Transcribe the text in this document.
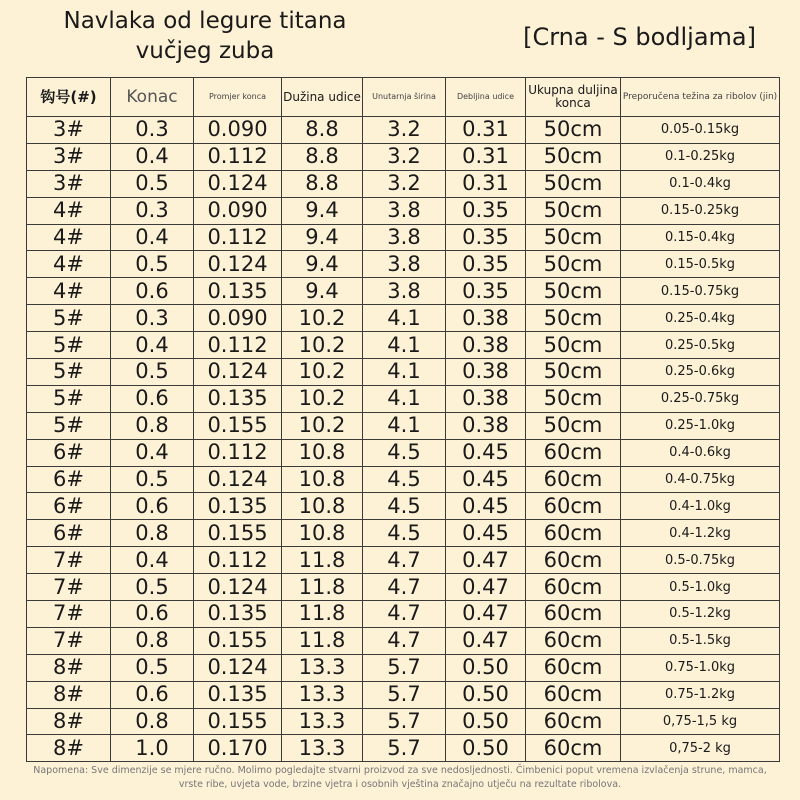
Navlaka od legure titana
vučjeg zuba	[Crna - S bodljama]
钩号(#)	Konac	Promjer konca	Dužina udice	Unutarnja širina	Debljina udice	Ukupna duljina konca	Preporučena težina za ribolov (jin)
3#	0.3	0.090	8.8	3.2	0.31	50cm	0.05-0.15kg
3#	0.4	0.112	8.8	3.2	0.31	50cm	0.1-0.25kg
3#	0.5	0.124	8.8	3.2	0.31	50cm	0.1-0.4kg
4#	0.3	0.090	9.4	3.8	0.35	50cm	0.15-0.25kg
4#	0.4	0.112	9.4	3.8	0.35	50cm	0.15-0.4kg
4#	0.5	0.124	9.4	3.8	0.35	50cm	0.15-0.5kg
4#	0.6	0.135	9.4	3.8	0.35	50cm	0.15-0.75kg
5#	0.3	0.090	10.2	4.1	0.38	50cm	0.25-0.4kg
5#	0.4	0.112	10.2	4.1	0.38	50cm	0.25-0.5kg
5#	0.5	0.124	10.2	4.1	0.38	50cm	0.25-0.6kg
5#	0.6	0.135	10.2	4.1	0.38	50cm	0.25-0.75kg
5#	0.8	0.155	10.2	4.1	0.38	50cm	0.25-1.0kg
6#	0.4	0.112	10.8	4.5	0.45	60cm	0.4-0.6kg
6#	0.5	0.124	10.8	4.5	0.45	60cm	0.4-0.75kg
6#	0.6	0.135	10.8	4.5	0.45	60cm	0.4-1.0kg
6#	0.8	0.155	10.8	4.5	0.45	60cm	0.4-1.2kg
7#	0.4	0.112	11.8	4.7	0.47	60cm	0.5-0.75kg
7#	0.5	0.124	11.8	4.7	0.47	60cm	0.5-1.0kg
7#	0.6	0.135	11.8	4.7	0.47	60cm	0.5-1.2kg
7#	0.8	0.155	11.8	4.7	0.47	60cm	0.5-1.5kg
8#	0.5	0.124	13.3	5.7	0.50	60cm	0.75-1.0kg
8#	0.6	0.135	13.3	5.7	0.50	60cm	0.75-1.2kg
8#	0.8	0.155	13.3	5.7	0.50	60cm	0,75-1,5 kg
8#	1.0	0.170	13.3	5.7	0.50	60cm	0,75-2 kg
Napomena: Sve dimenzije se mjere ručno. Molimo pogledajte stvarni proizvod za sve nedosljednosti. Čimbenici poput vremena izvlačenja strune, mamca, vrste ribe, uvjeta vode, brzine vjetra i osobnih vještina značajno utječu na rezultate ribolova.
